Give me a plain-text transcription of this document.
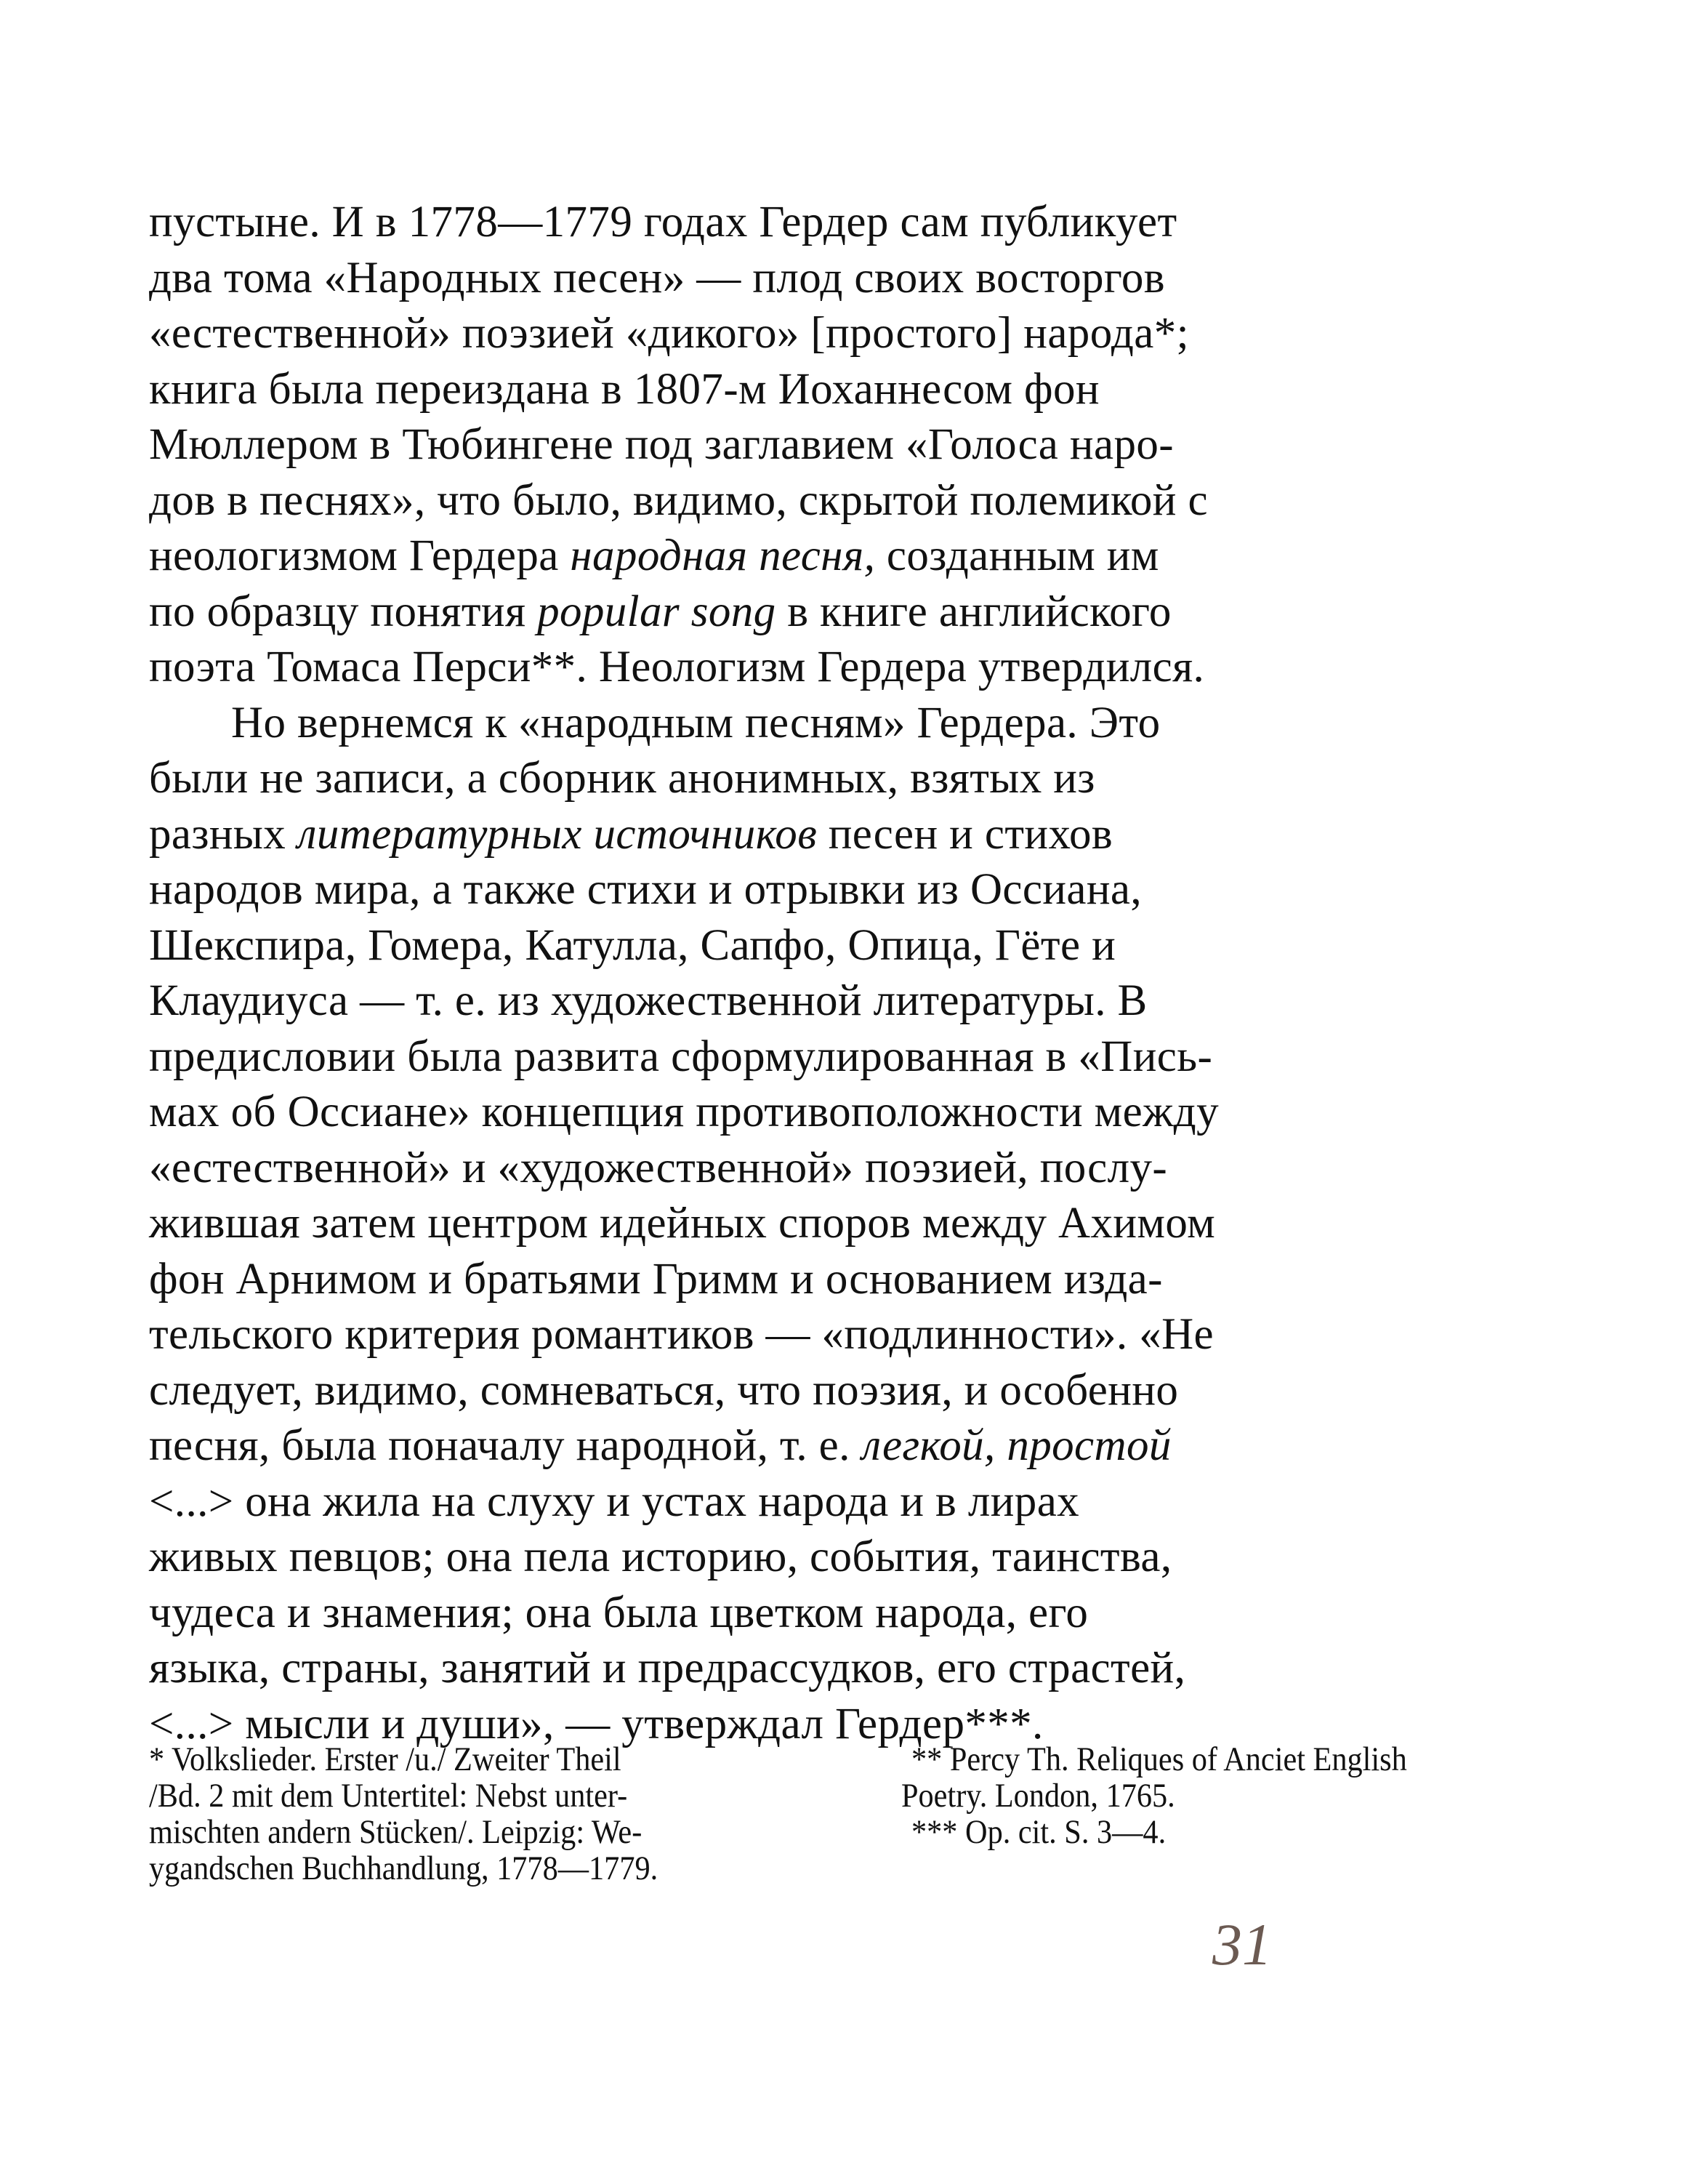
пустыне. И в 1778—1779 годах Гердер сам публикует
два тома «Народных песен» — плод своих восторгов
«естественной» поэзией «дикого» [простого] народа*;
книга была переиздана в 1807-м Иоханнесом фон
Мюллером в Тюбингене под заглавием «Голоса наро-
дов в песнях», что было, видимо, скрытой полемикой с
неологизмом Гердера народная песня, созданным им
по образцу понятия popular song в книге английского
поэта Томаса Перси**. Неологизм Гердера утвердился.
Но вернемся к «народным песням» Гердера. Это
были не записи, а сборник анонимных, взятых из
разных литературных источников песен и стихов
народов мира, а также стихи и отрывки из Оссиана,
Шекспира, Гомера, Катулла, Сапфо, Опица, Гёте и
Клаудиуса — т. е. из художественной литературы. В
предисловии была развита сформулированная в «Пись-
мах об Оссиане» концепция противоположности между
«естественной» и «художественной» поэзией, послу-
жившая затем центром идейных споров между Ахимом
фон Арнимом и братьями Гримм и основанием изда-
тельского критерия романтиков — «подлинности». «Не
следует, видимо, сомневаться, что поэзия, и особенно
песня, была поначалу народной, т. е. легкой, простой
<...> она жила на слуху и устах народа и в лирах
живых певцов; она пела историю, события, таинства,
чудеса и знамения; она была цветком народа, его
языка, страны, занятий и предрассудков, его страстей,
<...> мысли и души», — утверждал Гердер***.
* Volkslieder. Erster /u./ Zweiter Theil
/Bd. 2 mit dem Untertitel: Nebst unter-
mischten andern Stücken/. Leipzig: We-
ygandschen Buchhandlung, 1778—1779.
** Percy Th. Reliques of Anciet English
Poetry. London, 1765.
*** Op. cit. S. 3—4.
31
